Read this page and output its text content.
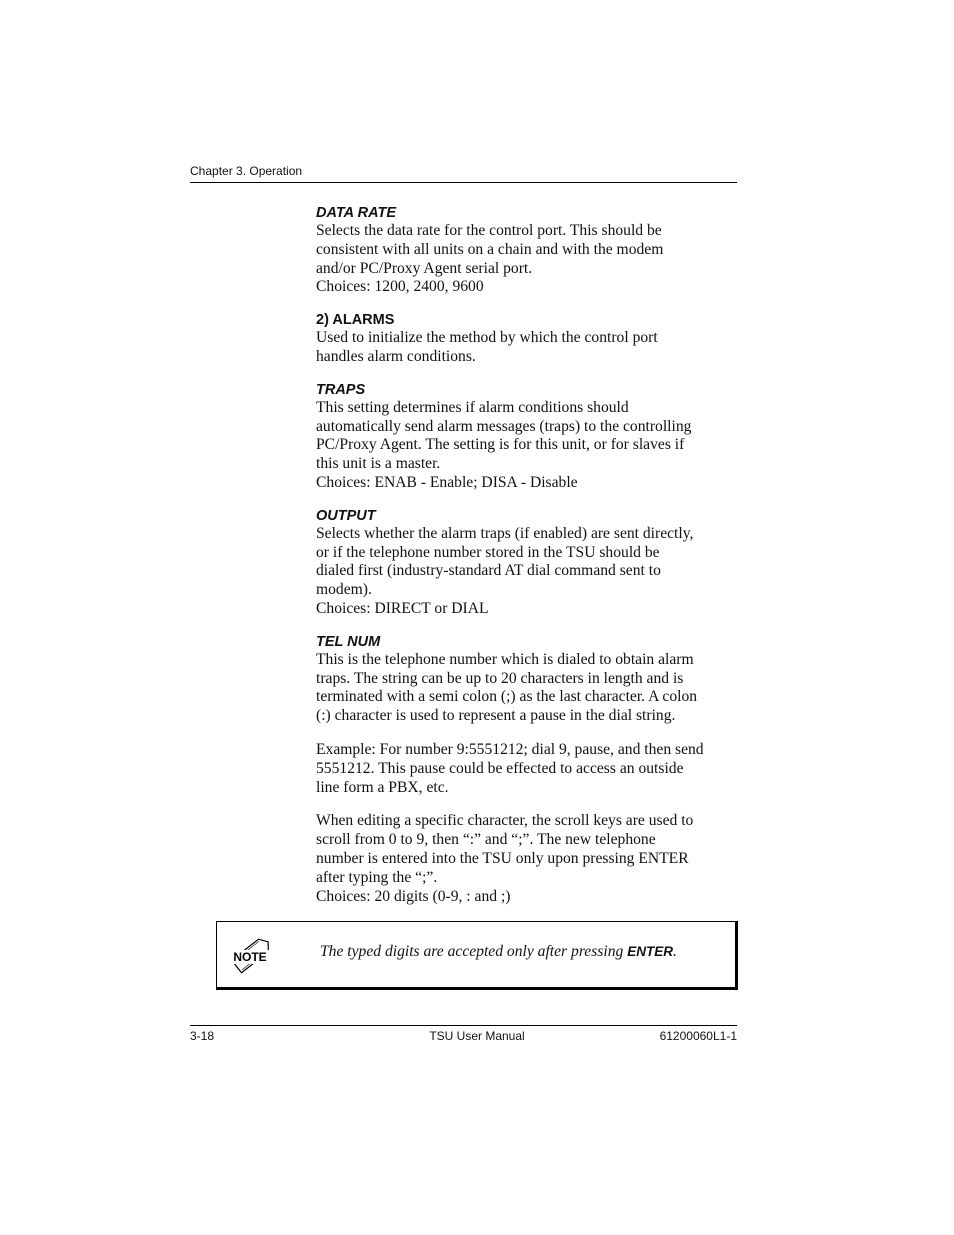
Chapter 3. Operation
DATA RATE
Selects the data rate for the control port. This should be
consistent with all units on a chain and with the modem
and/or PC/Proxy Agent serial port.
Choices: 1200, 2400, 9600
2) ALARMS
Used to initialize the method by which the control port
handles alarm conditions.
TRAPS
This setting determines if alarm conditions should
automatically send alarm messages (traps) to the controlling
PC/Proxy Agent. The setting is for this unit, or for slaves if
this unit is a master.
Choices: ENAB - Enable; DISA - Disable
OUTPUT
Selects whether the alarm traps (if enabled) are sent directly,
or if the telephone number stored in the TSU should be
dialed first (industry-standard AT dial command sent to
modem).
Choices: DIRECT or DIAL
TEL NUM
This is the telephone number which is dialed to obtain alarm
traps. The string can be up to 20 characters in length and is
terminated with a semi colon (;) as the last character. A colon
(:) character is used to represent a pause in the dial string.
Example: For number 9:5551212; dial 9, pause, and then send
5551212. This pause could be effected to access an outside
line form a PBX, etc.
When editing a specific character, the scroll keys are used to
scroll from 0 to 9, then “:” and “;”. The new telephone
number is entered into the TSU only upon pressing ENTER
after typing the “;”.
Choices: 20 digits (0-9, : and ;)
NOTE	The typed digits are accepted only after pressing ENTER.
3-18	TSU User Manual	61200060L1-1
